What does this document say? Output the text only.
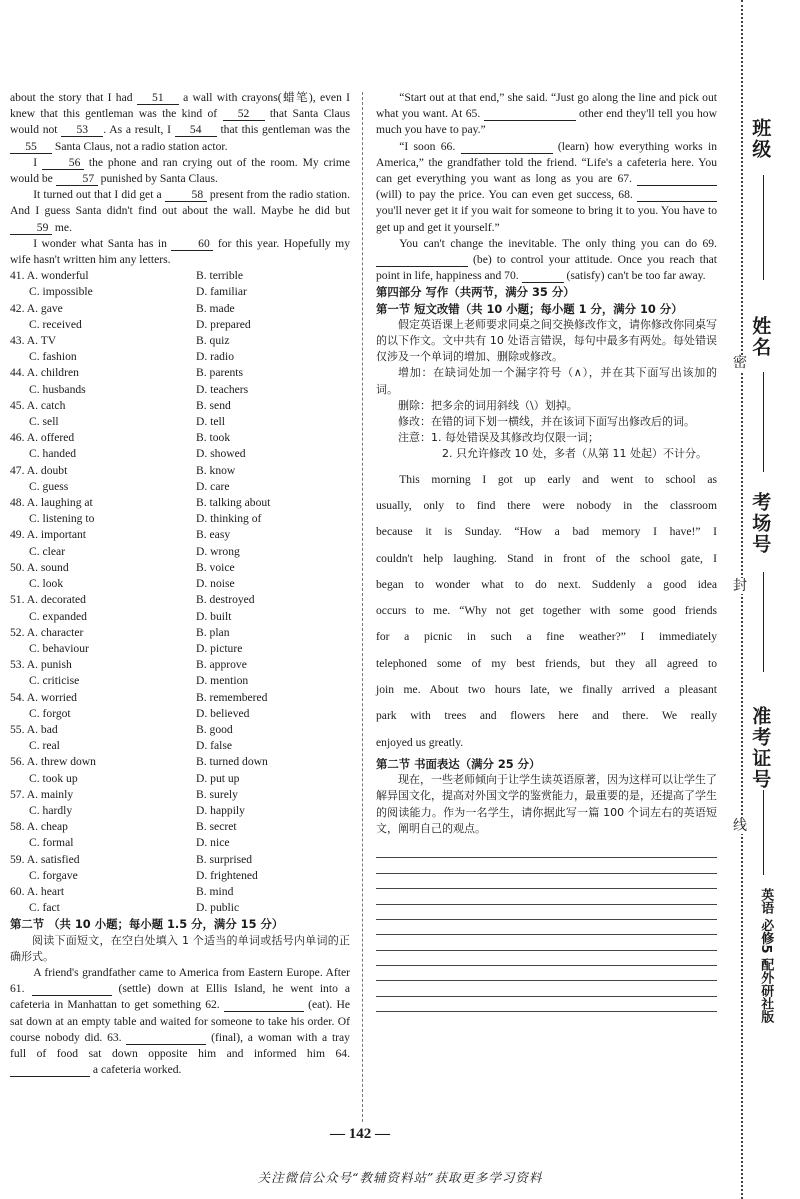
about the story that I had 51 a wall with crayons(蜡笔), even I knew that this gentleman was the kind of 52 that Santa Claus would not 53 . As a result, I 54 that this gentleman was the 55 Santa Claus, not a radio station actor.

I	56 the phone and ran crying out of the room. My crime would be	57 punished by Santa Claus.

It turned out that I did get a	58 present from the radio station. And I guess Santa didn't find out about the wall. Maybe he did but 59 me.

I wonder what Santa has in	60 for this year. Hopefully my wife hasn't written him any letters.

41. A. wonderful	B. terrible
C. impossible	D. familiar
42. A. gave	B. made
C. received	D. prepared
43. A. TV	B. quiz
C. fashion	D. radio
44. A. children	B. parents
C. husbands	D. teachers
45. A. catch	B. send
C. sell	D. tell
46. A. offered	B. took
C. handed	D. showed
47. A. doubt	B. know
C. guess	D. care
48. A. laughing at	B. talking about
C. listening to	D. thinking of
49. A. important	B. easy
C. clear	D. wrong
50. A. sound	B. voice
C. look	D. noise
51. A. decorated	B. destroyed
C. expanded	D. built
52. A. character	B. plan
C. behaviour	D. picture
53. A. punish	B. approve
C. criticise	D. mention
54. A. worried	B. remembered
C. forgot	D. believed
55. A. bad	B. good
C. real	D. false
56. A. threw down	B. turned down
C. took up	D. put up
57. A. mainly	B. surely
C. hardly	D. happily
58. A. cheap	B. secret
C. formal	D. nice
59. A. satisfied	B. surprised
C. forgave	D. frightened
60. A. heart	B. mind
C. fact	D. public

第二节 （共 10 小题；每小题 1.5 分，满分 15 分）

阅读下面短文，在空白处填入 1 个适当的单词或括号内单词的正确形式。

A friend's grandfather came to America from Eastern Europe. After 61.	(settle) down at Ellis Island, he went into a cafeteria in Manhattan to get something 62.	(eat). He sat down at an empty table and waited for someone to take his order. Of course nobody did. 63.	(final), a woman with a tray full of food sat down opposite him and informed him 64.   a cafeteria worked.

“Start out at that end,” she said. “Just go along the line and pick out what you want. At 65.	other end they'll tell you how much you have to pay.”

“I soon 66.	(learn) how everything works in America,” the grandfather told the friend. “Life's a cafeteria here. You can get everything you want as long as you are 67.   (will) to pay the price. You can even get success, 68.   you'll never get it if you wait for someone to bring it to you. You have to get up and get it yourself.”

You can't change the inevitable. The only thing you can do 69.   (be) to control your attitude. Once you reach that point in life, happiness and 70.	(satisfy) can't be too far away.

第四部分 写作（共两节，满分 35 分）

第一节 短文改错（共 10 小题；每小题 1 分，满分 10 分）

假定英语课上老师要求同桌之间交换修改作文，请你修改你同桌写的以下作文。文中共有 10 处语言错误，每句中最多有两处。每处错误仅涉及一个单词的增加、删除或修改。

增加：在缺词处加一个漏字符号（∧），并在其下面写出该加的词。

删除：把多余的词用斜线（\）划掉。

修改：在错的词下划一横线，并在该词下面写出修改后的词。

注意：1. 每处错误及其修改均仅限一词；

2. 只允许修改 10 处，多者（从第 11 处起）不计分。

This morning I got up early and went to school as

usually, only to find there were nobody in the classroom

because it is Sunday. “How a bad memory I have!” I

couldn't help laughing. Stand in front of the school gate, I

began to wonder what to do next. Suddenly a good idea

occurs to me. “Why not get together with some good friends

for a picnic in such a fine weather?” I immediately

telephoned some of my best friends, but they all agreed to

join me. About two hours late, we finally arrived a pleasant

park with trees and flowers here and there. We really

enjoyed us greatly.

第二节 书面表达（满分 25 分）

现在，一些老师倾向于让学生读英语原著，因为这样可以让学生了解异国文化，提高对外国文学的鉴赏能力，最重要的是，还提高了学生的阅读能力。作为一名学生，请你据此写一篇 100 个词左右的英语短文，阐明自己的观点。

— 142 —
关注微信公众号“教辅资料站”获取更多学习资料
班级
姓名
密
考场号
封
准考证号
线
英语 必修5 配外研社版
